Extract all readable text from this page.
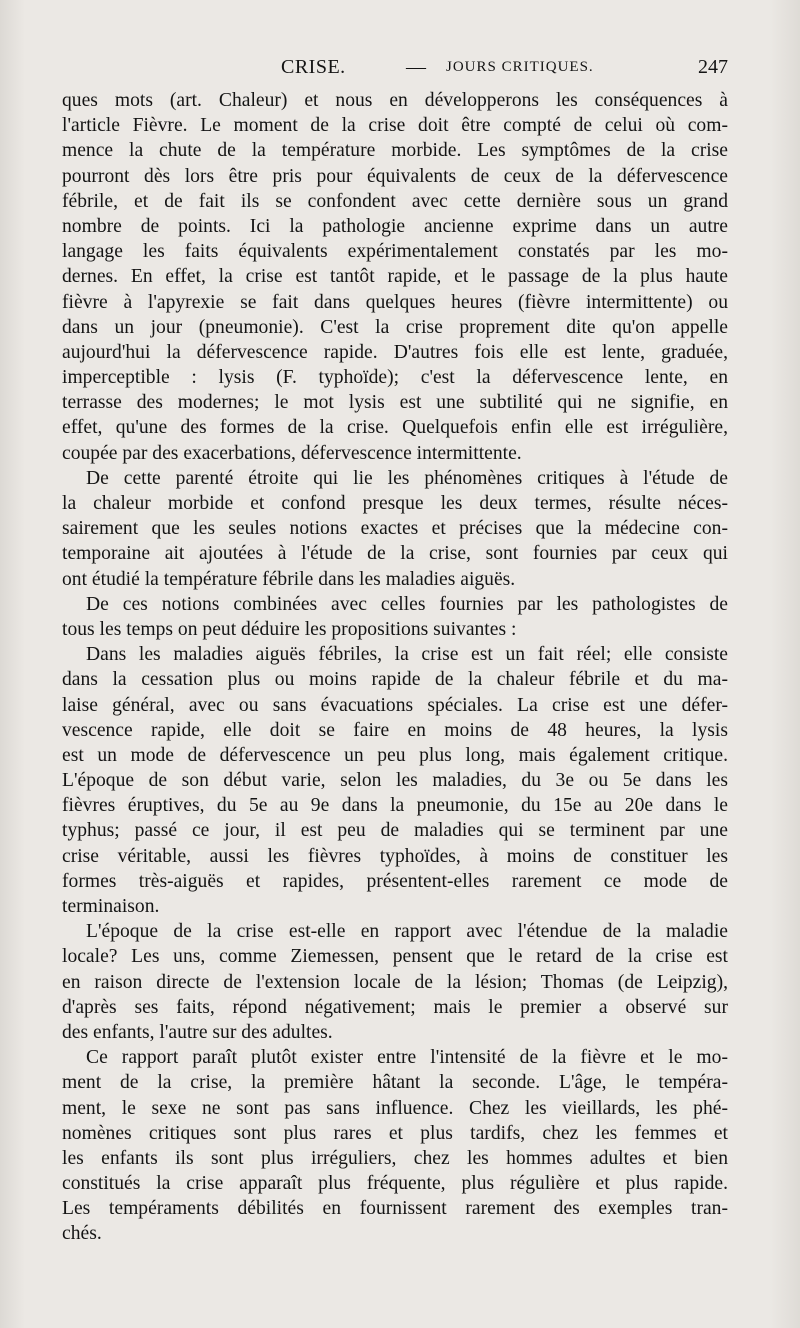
CRISE.	— JOURS CRITIQUES.	247
ques mots (art. Chaleur) et nous en développerons les conséquences à
l'article Fièvre. Le moment de la crise doit être compté de celui où com-
mence la chute de la température morbide. Les symptômes de la crise
pourront dès lors être pris pour équivalents de ceux de la défervescence
fébrile, et de fait ils se confondent avec cette dernière sous un grand
nombre de points. Ici la pathologie ancienne exprime dans un autre
langage les faits équivalents expérimentalement constatés par les mo-
dernes. En effet, la crise est tantôt rapide, et le passage de la plus haute
fièvre à l'apyrexie se fait dans quelques heures (fièvre intermittente) ou
dans un jour (pneumonie). C'est la crise proprement dite qu'on appelle
aujourd'hui la défervescence rapide. D'autres fois elle est lente, graduée,
imperceptible : lysis (F. typhoïde); c'est la défervescence lente, en
terrasse des modernes; le mot lysis est une subtilité qui ne signifie, en
effet, qu'une des formes de la crise. Quelquefois enfin elle est irrégulière,
coupée par des exacerbations, défervescence intermittente.
De cette parenté étroite qui lie les phénomènes critiques à l'étude de
la chaleur morbide et confond presque les deux termes, résulte néces-
sairement que les seules notions exactes et précises que la médecine con-
temporaine ait ajoutées à l'étude de la crise, sont fournies par ceux qui
ont étudié la température fébrile dans les maladies aiguës.
De ces notions combinées avec celles fournies par les pathologistes de
tous les temps on peut déduire les propositions suivantes :
Dans les maladies aiguës fébriles, la crise est un fait réel; elle consiste
dans la cessation plus ou moins rapide de la chaleur fébrile et du ma-
laise général, avec ou sans évacuations spéciales. La crise est une défer-
vescence rapide, elle doit se faire en moins de 48 heures, la lysis
est un mode de défervescence un peu plus long, mais également critique.
L'époque de son début varie, selon les maladies, du 3e ou 5e dans les
fièvres éruptives, du 5e au 9e dans la pneumonie, du 15e au 20e dans le
typhus; passé ce jour, il est peu de maladies qui se terminent par une
crise véritable, aussi les fièvres typhoïdes, à moins de constituer les
formes très-aiguës et rapides, présentent-elles rarement ce mode de
terminaison.
L'époque de la crise est-elle en rapport avec l'étendue de la maladie
locale? Les uns, comme Ziemessen, pensent que le retard de la crise est
en raison directe de l'extension locale de la lésion; Thomas (de Leipzig),
d'après ses faits, répond négativement; mais le premier a observé sur
des enfants, l'autre sur des adultes.
Ce rapport paraît plutôt exister entre l'intensité de la fièvre et le mo-
ment de la crise, la première hâtant la seconde. L'âge, le tempéra-
ment, le sexe ne sont pas sans influence. Chez les vieillards, les phé-
nomènes critiques sont plus rares et plus tardifs, chez les femmes et
les enfants ils sont plus irréguliers, chez les hommes adultes et bien
constitués la crise apparaît plus fréquente, plus régulière et plus rapide.
Les tempéraments débilités en fournissent rarement des exemples tran-
chés.
